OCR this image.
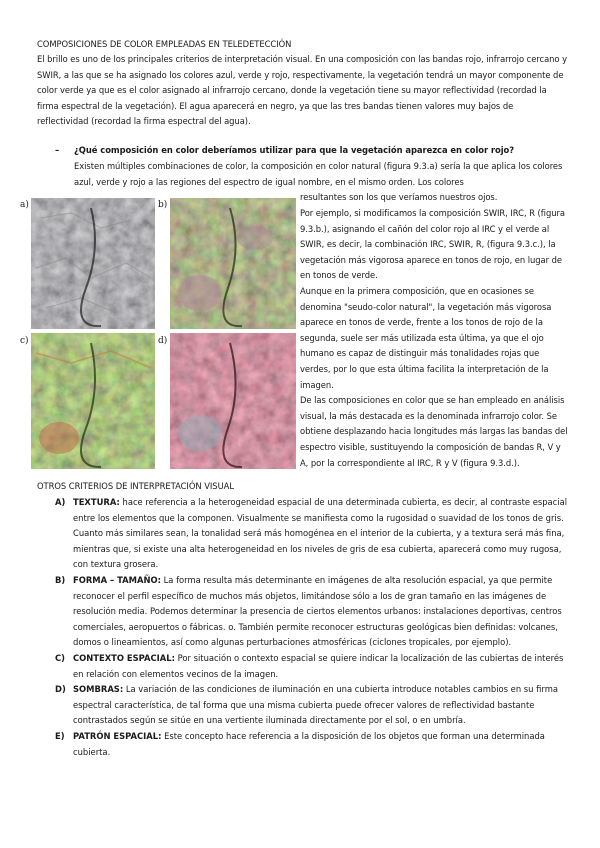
COMPOSICIONES DE COLOR EMPLEADAS EN TELEDETECCIÓN
El brillo es uno de los principales criterios de interpretación visual. En una composición con las bandas rojo, infrarrojo cercano y SWIR, a las que se ha asignado los colores azul, verde y rojo, respectivamente, la vegetación tendrá un mayor componente de color verde ya que es el color asignado al infrarrojo cercano, donde la vegetación tiene su mayor reflectividad (recordad la firma espectral de la vegetación). El agua aparecerá en negro, ya que las tres bandas tienen valores muy bajos de reflectividad (recordad la firma espectral del agua).
– ¿Qué composición en color deberíamos utilizar para que la vegetación aparezca en color rojo?
Existen múltiples combinaciones de color, la composición en color natural (figura 9.3.a) sería la que aplica los colores azul, verde y rojo a las regiones del espectro de igual nombre, en el mismo orden. Los colores
resultantes son los que veríamos nuestros ojos.

Por ejemplo, si modificamos la composición SWIR, IRC, R (figura 9.3.b.), asignando el cañón del color rojo al IRC y el verde al SWIR, es decir, la combinación IRC, SWIR, R, (figura 9.3.c.), la vegetación más vigorosa aparece en tonos de rojo, en lugar de en tonos de verde.

Aunque en la primera composición, que en ocasiones se denomina "seudo-color natural", la vegetación más vigorosa aparece en tonos de verde, frente a los tonos de rojo de la segunda, suele ser más utilizada esta última, ya que el ojo humano es capaz de distinguir más tonalidades rojas que verdes, por lo que esta última facilita la interpretación de la imagen.

De las composiciones en color que se han empleado en análisis visual, la más destacada es la denominada infrarrojo color. Se obtiene desplazando hacia longitudes más largas las bandas del espectro visible, sustituyendo la composición de bandas R, V y A, por la correspondiente al IRC, R y V (figura 9.3.d.).

a)	b)
c)	d)
OTROS CRITERIOS DE INTERPRETACIÓN VISUAL
A) TEXTURA: hace referencia a la heterogeneidad espacial de una determinada cubierta, es decir, al contraste espacial entre los elementos que la componen. Visualmente se manifiesta como la rugosidad o suavidad de los tonos de gris. Cuanto más similares sean, la tonalidad será más homogénea en el interior de la cubierta, y a textura será más fina, mientras que, si existe una alta heterogeneidad en los niveles de gris de esa cubierta, aparecerá como muy rugosa, con textura grosera.
B) FORMA – TAMAÑO: La forma resulta más determinante en imágenes de alta resolución espacial, ya que permite reconocer el perfil específico de muchos más objetos, limitándose sólo a los de gran tamaño en las imágenes de resolución media. Podemos determinar la presencia de ciertos elementos urbanos: instalaciones deportivas, centros comerciales, aeropuertos o fábricas. o. También permite reconocer estructuras geológicas bien definidas: volcanes, domos o lineamientos, así como algunas perturbaciones atmosféricas (ciclones tropicales, por ejemplo).
C) CONTEXTO ESPACIAL: Por situación o contexto espacial se quiere indicar la localización de las cubiertas de interés en relación con elementos vecinos de la imagen.
D) SOMBRAS: La variación de las condiciones de iluminación en una cubierta introduce notables cambios en su firma espectral característica, de tal forma que una misma cubierta puede ofrecer valores de reflectividad bastante contrastados según se sitúe en una vertiente iluminada directamente por el sol, o en umbría.
E)	PATRÓN ESPACIAL: Este concepto hace referencia a la disposición de los objetos que forman una determinada cubierta.
